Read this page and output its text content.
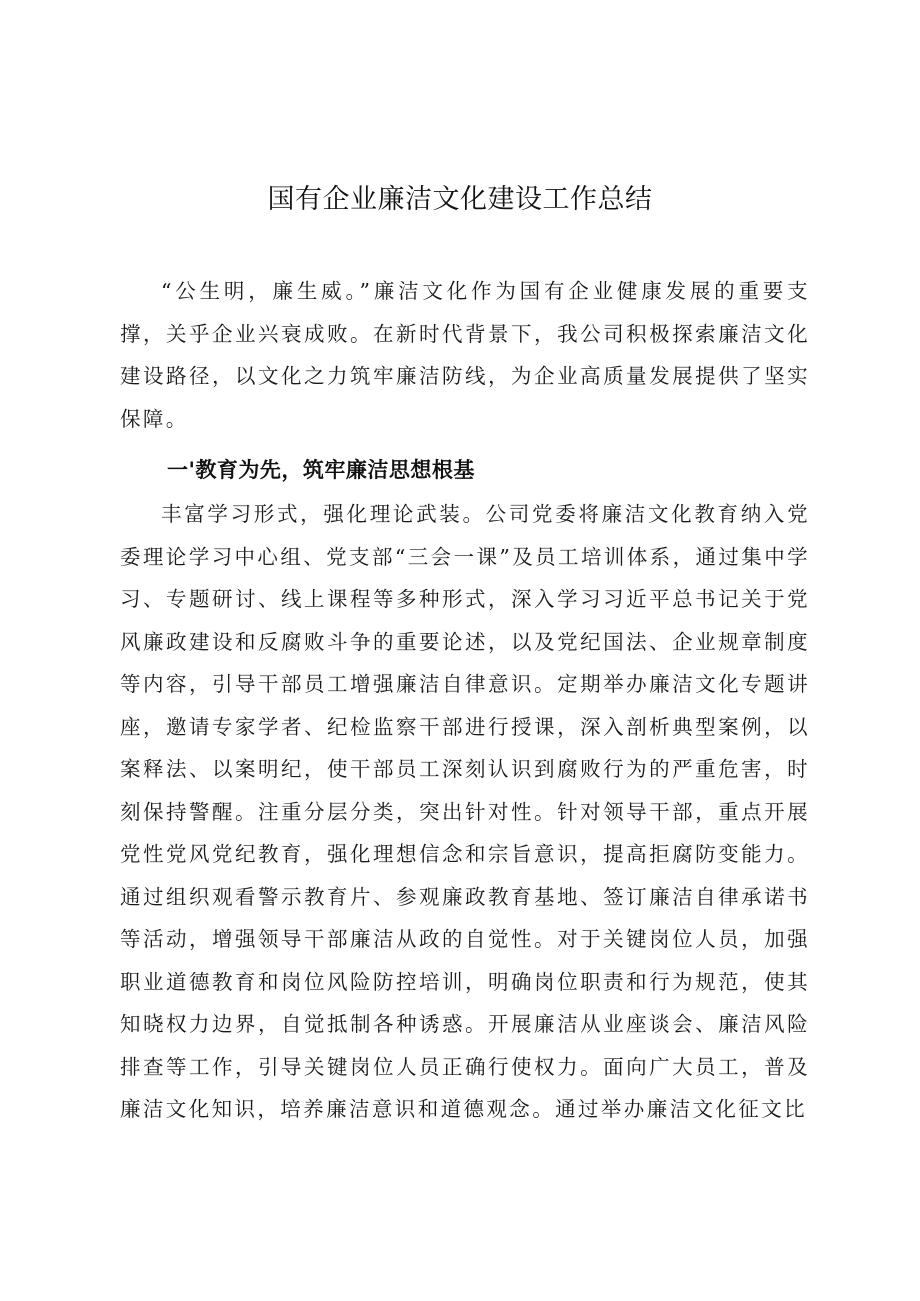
国有企业廉洁文化建设工作总结

“公生明，廉生威。”廉洁文化作为国有企业健康发展的重要支撑，关乎企业兴衰成败。在新时代背景下，我公司积极探索廉洁文化建设路径，以文化之力筑牢廉洁防线，为企业高质量发展提供了坚实保障。

一'教育为先，筑牢廉洁思想根基

丰富学习形式，强化理论武装。公司党委将廉洁文化教育纳入党委理论学习中心组、党支部“三会一课”及员工培训体系，通过集中学习、专题研讨、线上课程等多种形式，深入学习习近平总书记关于党风廉政建设和反腐败斗争的重要论述，以及党纪国法、企业规章制度等内容，引导干部员工增强廉洁自律意识。定期举办廉洁文化专题讲座，邀请专家学者、纪检监察干部进行授课，深入剖析典型案例，以案释法、以案明纪，使干部员工深刻认识到腐败行为的严重危害，时刻保持警醒。注重分层分类，突出针对性。针对领导干部，重点开展党性党风党纪教育，强化理想信念和宗旨意识，提高拒腐防变能力。通过组织观看警示教育片、参观廉政教育基地、签订廉洁自律承诺书等活动，增强领导干部廉洁从政的自觉性。对于关键岗位人员，加强职业道德教育和岗位风险防控培训，明确岗位职责和行为规范，使其知晓权力边界，自觉抵制各种诱惑。开展廉洁从业座谈会、廉洁风险排查等工作，引导关键岗位人员正确行使权力。面向广大员工，普及廉洁文化知识，培养廉洁意识和道德观念。通过举办廉洁文化征文比
